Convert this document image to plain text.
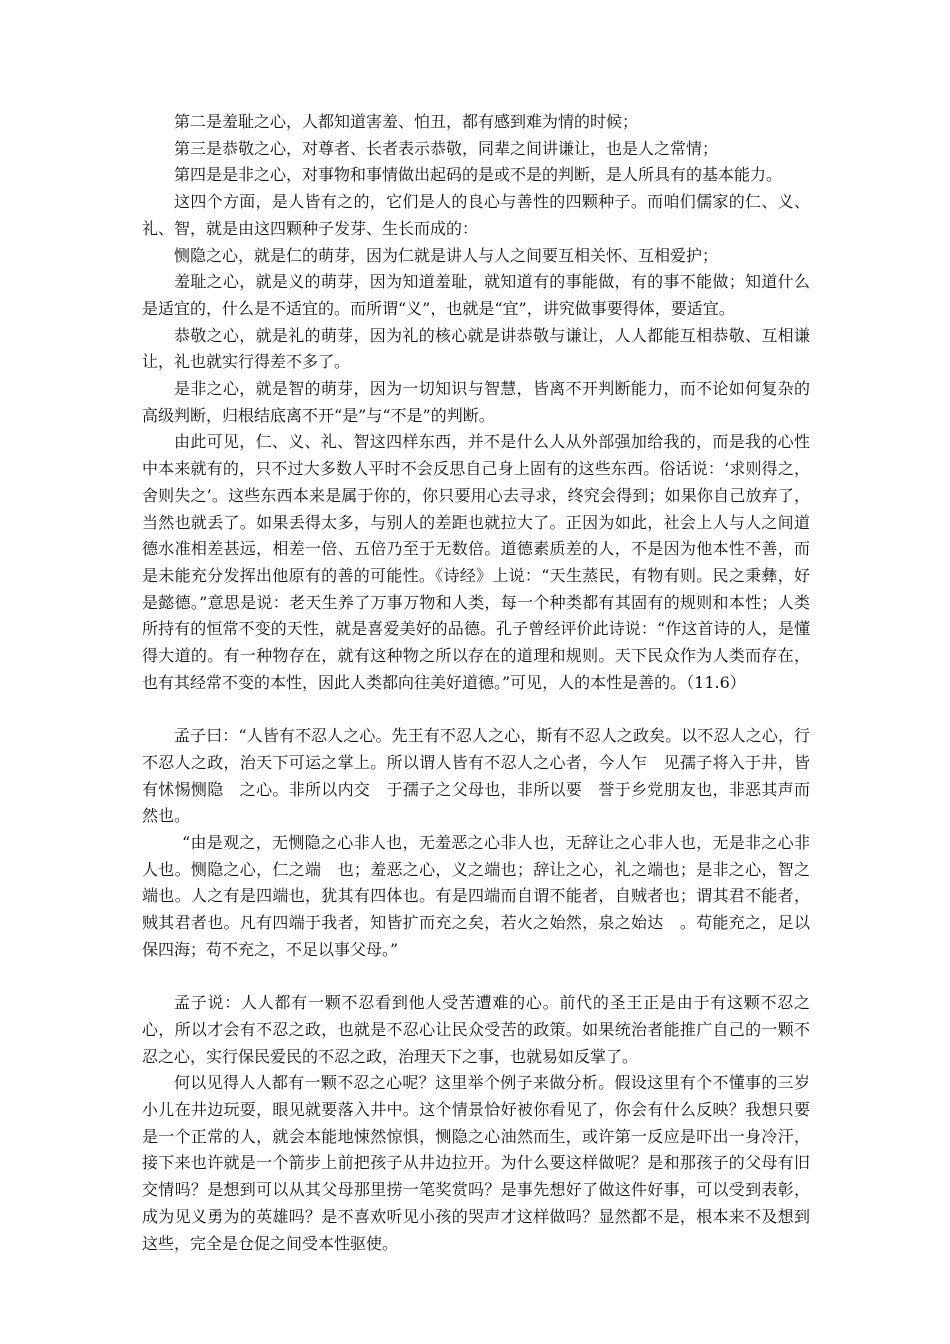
第二是羞耻之心，人都知道害羞、怕丑，都有感到难为情的时候；

第三是恭敬之心，对尊者、长者表示恭敬，同辈之间讲谦让，也是人之常情；

第四是是非之心，对事物和事情做出起码的是或不是的判断，是人所具有的基本能力。

这四个方面，是人皆有之的，它们是人的良心与善性的四颗种子。而咱们儒家的仁、义、礼、智，就是由这四颗种子发芽、生长而成的：

恻隐之心，就是仁的萌芽，因为仁就是讲人与人之间要互相关怀、互相爱护；

羞耻之心，就是义的萌芽，因为知道羞耻，就知道有的事能做，有的事不能做；知道什么是适宜的，什么是不适宜的。而所谓“义”，也就是“宜”，讲究做事要得体，要适宜。

恭敬之心，就是礼的萌芽，因为礼的核心就是讲恭敬与谦让，人人都能互相恭敬、互相谦让，礼也就实行得差不多了。

是非之心，就是智的萌芽，因为一切知识与智慧，皆离不开判断能力，而不论如何复杂的高级判断，归根结底离不开“是”与“不是”的判断。

由此可见，仁、义、礼、智这四样东西，并不是什么人从外部强加给我的，而是我的心性中本来就有的，只不过大多数人平时不会反思自己身上固有的这些东西。俗话说：‘求则得之，舍则失之’。这些东西本来是属于你的，你只要用心去寻求，终究会得到；如果你自己放弃了，当然也就丢了。如果丢得太多，与别人的差距也就拉大了。正因为如此，社会上人与人之间道德水准相差甚远，相差一倍、五倍乃至于无数倍。道德素质差的人，不是因为他本性不善，而是未能充分发挥出他原有的善的可能性。《诗经》上说：“天生蒸民，有物有则。民之秉彝，好是懿德。”意思是说：老天生养了万事万物和人类，每一个种类都有其固有的规则和本性；人类所持有的恒常不变的天性，就是喜爱美好的品德。孔子曾经评价此诗说：“作这首诗的人，是懂得大道的。有一种物存在，就有这种物之所以存在的道理和规则。天下民众作为人类而存在，也有其经常不变的本性，因此人类都向往美好道德。”可见，人的本性是善的。（11.6）

孟子曰：“人皆有不忍人之心。先王有不忍人之心，斯有不忍人之政矣。以不忍人之心，行不忍人之政，治天下可运之掌上。所以谓人皆有不忍人之心者，今人乍　见孺子将入于井，皆有怵惕恻隐　之心。非所以内交　于孺子之父母也，非所以要　誉于乡党朋友也，非恶其声而然也。

“由是观之，无恻隐之心非人也，无羞恶之心非人也，无辞让之心非人也，无是非之心非人也。恻隐之心，仁之端　也；羞恶之心，义之端也；辞让之心，礼之端也；是非之心，智之端也。人之有是四端也，犹其有四体也。有是四端而自谓不能者，自贼者也；谓其君不能者，贼其君者也。凡有四端于我者，知皆扩而充之矣，若火之始然，泉之始达　。苟能充之，足以保四海；苟不充之，不足以事父母。”

孟子说：人人都有一颗不忍看到他人受苦遭难的心。前代的圣王正是由于有这颗不忍之心，所以才会有不忍之政，也就是不忍心让民众受苦的政策。如果统治者能推广自己的一颗不忍之心，实行保民爱民的不忍之政，治理天下之事，也就易如反掌了。

何以见得人人都有一颗不忍之心呢？这里举个例子来做分析。假设这里有个不懂事的三岁小儿在井边玩耍，眼见就要落入井中。这个情景恰好被你看见了，你会有什么反映？我想只要是一个正常的人，就会本能地悚然惊惧，恻隐之心油然而生，或许第一反应是吓出一身冷汗，接下来也许就是一个箭步上前把孩子从井边拉开。为什么要这样做呢？是和那孩子的父母有旧交情吗？是想到可以从其父母那里捞一笔奖赏吗？是事先想好了做这件好事，可以受到表彰，成为见义勇为的英雄吗？是不喜欢听见小孩的哭声才这样做吗？显然都不是，根本来不及想到这些，完全是仓促之间受本性驱使。
